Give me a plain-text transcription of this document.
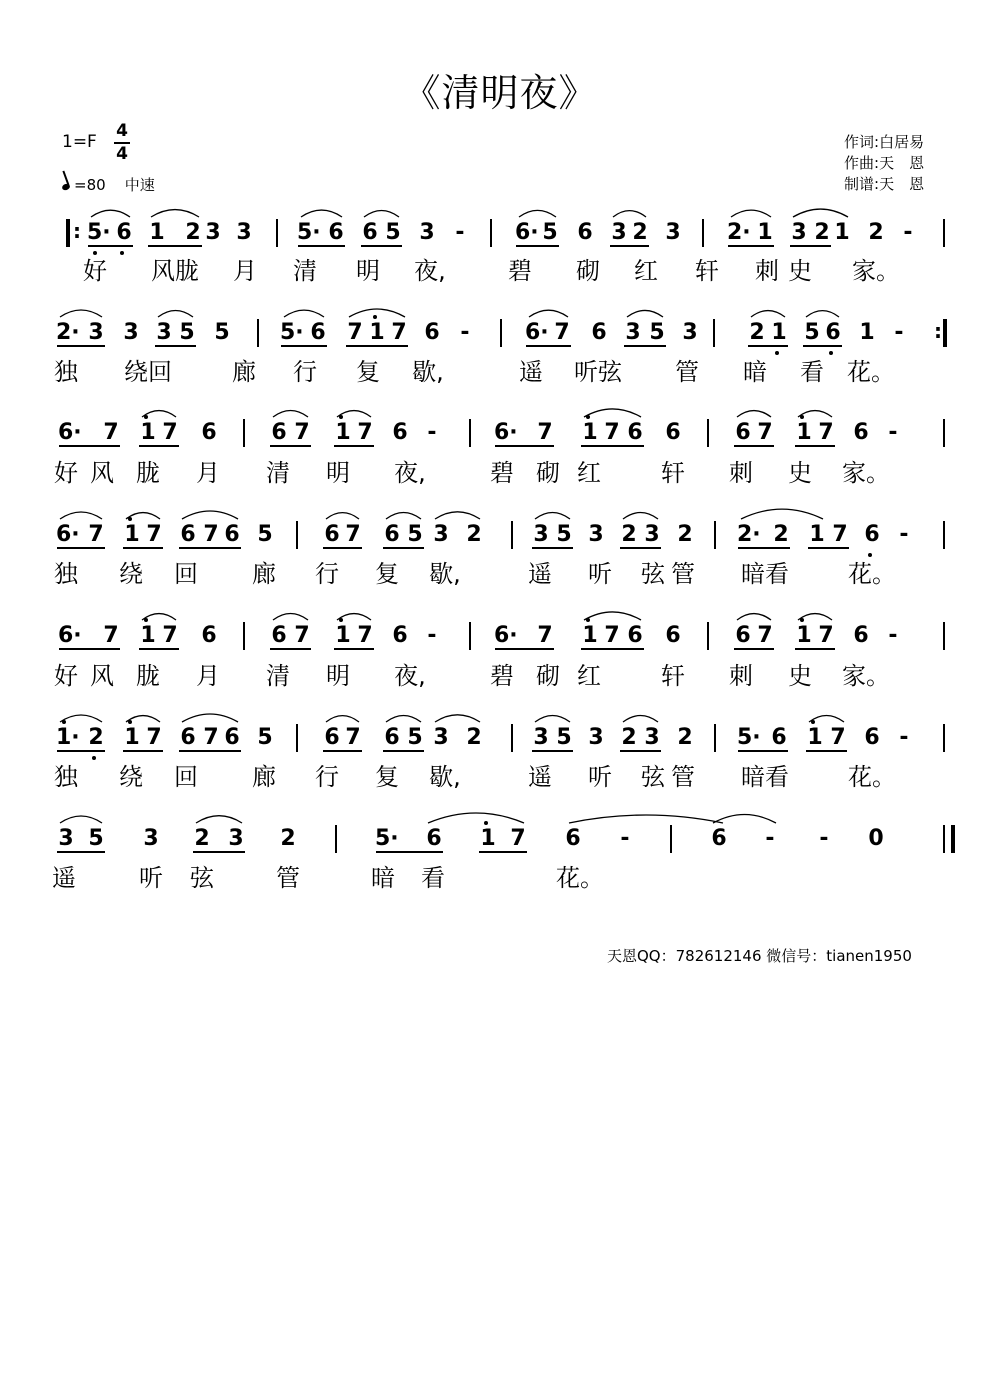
《清明夜》
1=F
4
4
=80 中速
作词:白居易
作曲:天　恩
制谱:天　恩
5· 6 1 2 3 3 5· 6 6 5 3 - 6· 5 6 3 2 3 2· 1 3 2 1 2 -
好 风胧 月 清 明 夜,	碧 砌 红 轩 刺 史 家。
:
2· 3 3 3 5 5 5· 6 7 1 7 6 -	6· 7 6 3 5 3 2 1 5 6 1 -
独 绕回	廊 行 复 歇,	遥 听弦 管 暗 看 花。
:
6· 7 1 7 6 6 7 1 7 6 -	6· 7 1 7 6 6 6 7 1 7 6 -
好 风 胧 月 清 明 夜,	碧 砌 红	轩 刺 史 家。
6· 7 1 7 6 7 6 5 6 7 6 5 3 2 3 5 3 2 3 2 2· 2 1 7 6 -
独 绕 回 廊 行 复 歇,	遥 听 弦 管 暗看 花。
6· 7 1 7 6 6 7 1 7 6 -	6· 7 1 7 6 6 6 7 1 7 6 -
好 风 胧 月 清 明 夜,	碧 砌 红	轩 刺 史 家。
1· 2 1 7 6 7 6 5 6 7 6 5 3 2 3 5 3 2 3 2 5· 6 1 7 6 -
独 绕 回 廊 行 复 歇,	遥 听 弦 管 暗看 花。
3 5 3 2 3 2	5· 6 1 7 6 -	6 - - 0
遥	听 弦	管	暗 看	花。
天恩QQ：782612146 微信号：tianen1950
